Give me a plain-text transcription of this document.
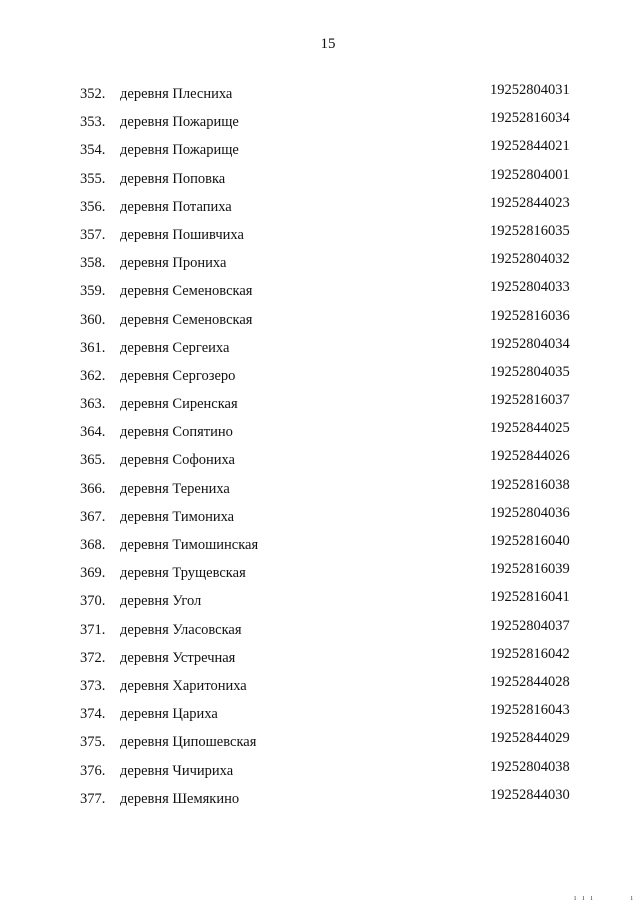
15
352.	деревня Плесниха	19252804031
353.	деревня Пожарище	19252816034
354.	деревня Пожарище	19252844021
355.	деревня Поповка	19252804001
356.	деревня Потапиха	19252844023
357.	деревня Пошивчиха	19252816035
358.	деревня Прониха	19252804032
359.	деревня Семеновская	19252804033
360.	деревня Семеновская	19252816036
361.	деревня Сергеиха	19252804034
362.	деревня Сергозеро	19252804035
363.	деревня Сиренская	19252816037
364.	деревня Сопятино	19252844025
365.	деревня Софониха	19252844026
366.	деревня Терениха	19252816038
367.	деревня Тимониха	19252804036
368.	деревня Тимошинская	19252816040
369.	деревня Трущевская	19252816039
370.	деревня Угол	19252816041
371.	деревня Уласовская	19252804037
372.	деревня Устречная	19252816042
373.	деревня Харитониха	19252844028
374.	деревня Цариха	19252816043
375.	деревня Ципошевская	19252844029
376.	деревня Чичириха	19252804038
377.	деревня Шемякино	19252844030
ı ı ı         ı
